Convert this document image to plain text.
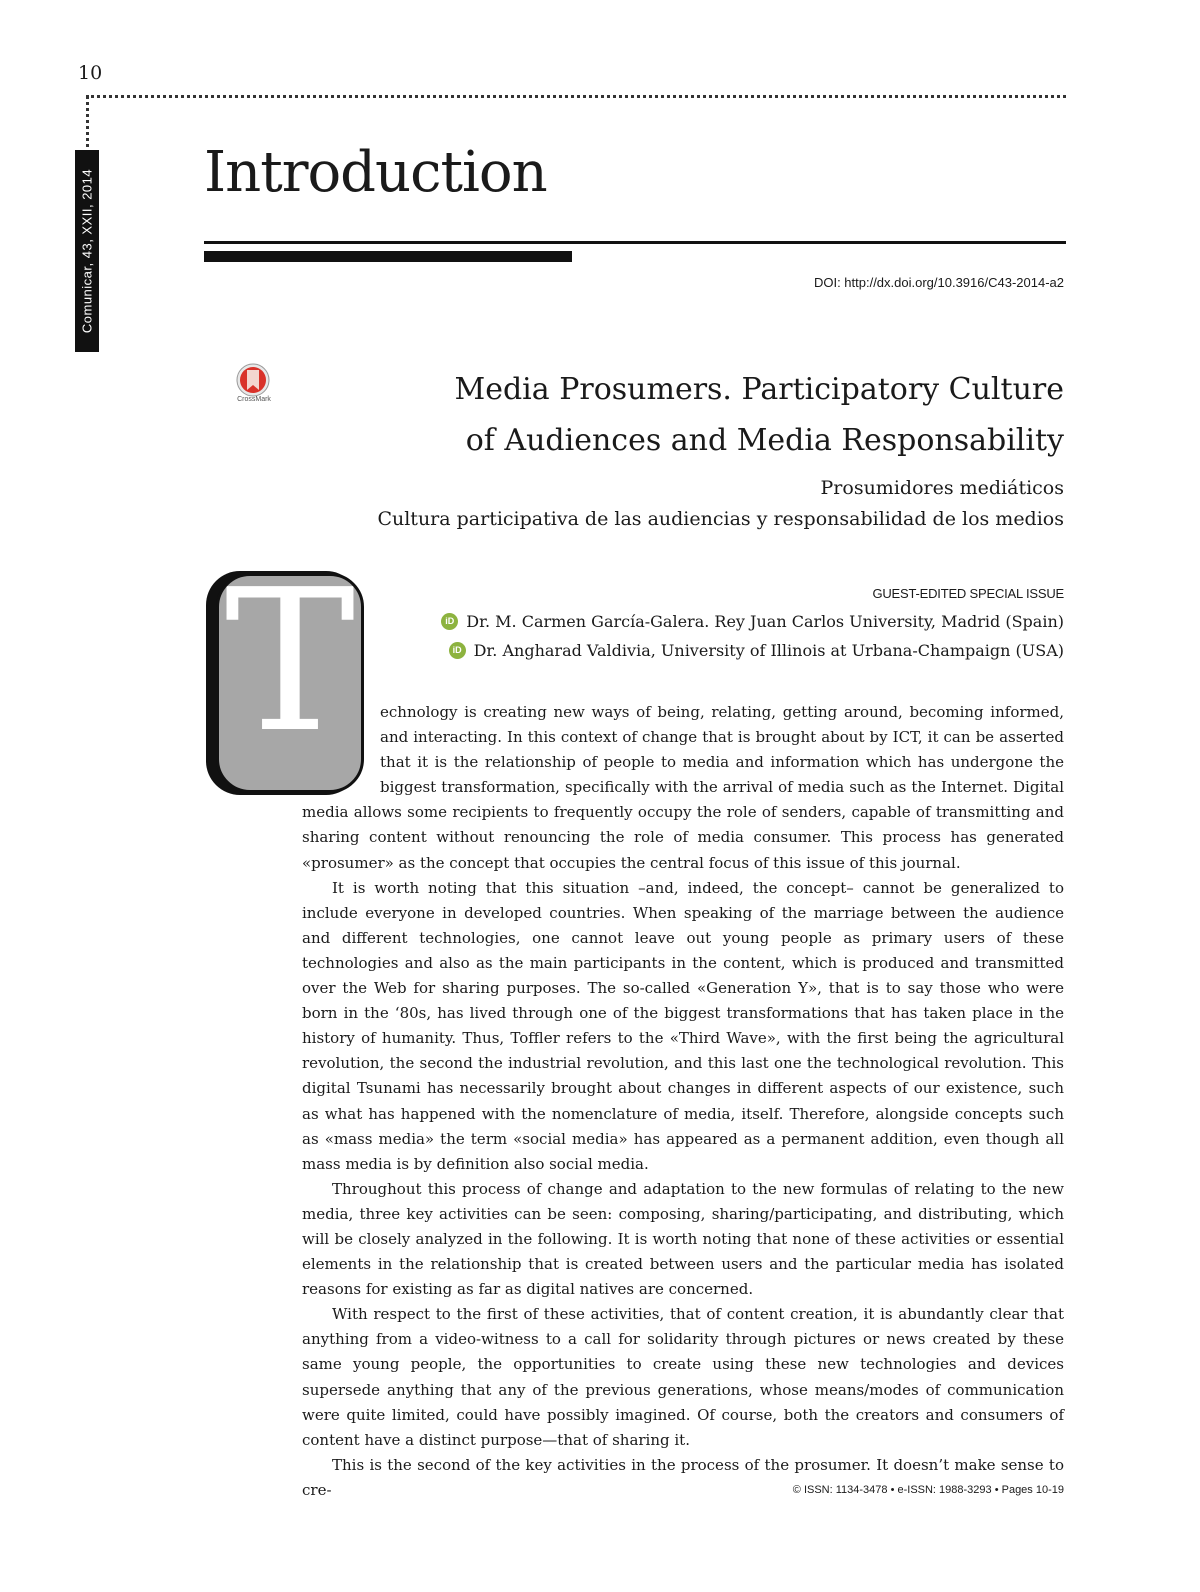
10
Comunicar, 43, XXII, 2014 Introduction
DOI: http://dx.doi.org/10.3916/C43-2014-a2
CrossMark	Media Prosumers. Participatory Culture
of Audiences and Media Responsability
Prosumidores mediáticos
Cultura participativa de las audiencias y responsabilidad de los medios
GUEST-EDITED SPECIAL ISSUE
iD Dr. M. Carmen García-Galera. Rey Juan Carlos University, Madrid (Spain)
iD Dr. Angharad Valdivia, University of Illinois at Urbana-Champaign (USA)
T	echnology is creating new ways of being, relating, getting around, becoming informed, and interacting. In this context of change that is brought about by ICT, it can be asserted that it is the relationship of people to media and information which has undergone the biggest transformation, specifically with the arrival of media such as the Internet. Digital media allows some recipients to frequently occupy the role of senders, capable of transmitting and sharing content without renouncing the role of media consumer. This process has generated «prosumer» as the concept that occupies the central focus of this issue of this journal.

It is worth noting that this situation –and, indeed, the concept– cannot be generalized to include everyone in developed countries. When speaking of the marriage between the audience and different technologies, one cannot leave out young people as primary users of these technologies and also as the main participants in the content, which is produced and transmitted over the Web for sharing purposes. The so-called «Generation Y», that is to say those who were born in the ‘80s, has lived through one of the biggest transformations that has taken place in the history of humanity. Thus, Toffler refers to the «Third Wave», with the first being the agricultural revolution, the second the industrial revolution, and this last one the technological revolution. This digital Tsunami has necessarily brought about changes in different aspects of our existence, such as what has happened with the nomenclature of media, itself. Therefore, alongside concepts such as «mass media» the term «social media» has appeared as a permanent addition, even though all mass media is by definition also social media.

Throughout this process of change and adaptation to the new formulas of relating to the new media, three key activities can be seen: composing, sharing/participating, and distributing, which will be closely analyzed in the following. It is worth noting that none of these activities or essential elements in the relationship that is created between users and the particular media has isolated reasons for existing as far as digital natives are concerned.

With respect to the first of these activities, that of content creation, it is abundantly clear that anything from a video-witness to a call for solidarity through pictures or news created by these same young people, the opportunities to create using these new technologies and devices supersede anything that any of the previous generations, whose means/modes of communication were quite limited, could have possibly imagined. Of course, both the creators and consumers of content have a distinct purpose—that of sharing it.

This is the second of the key activities in the process of the prosumer. It doesn’t make sense to cre-	© ISSN: 1134-3478 • e-ISSN: 1988-3293 • Pages 10-19
